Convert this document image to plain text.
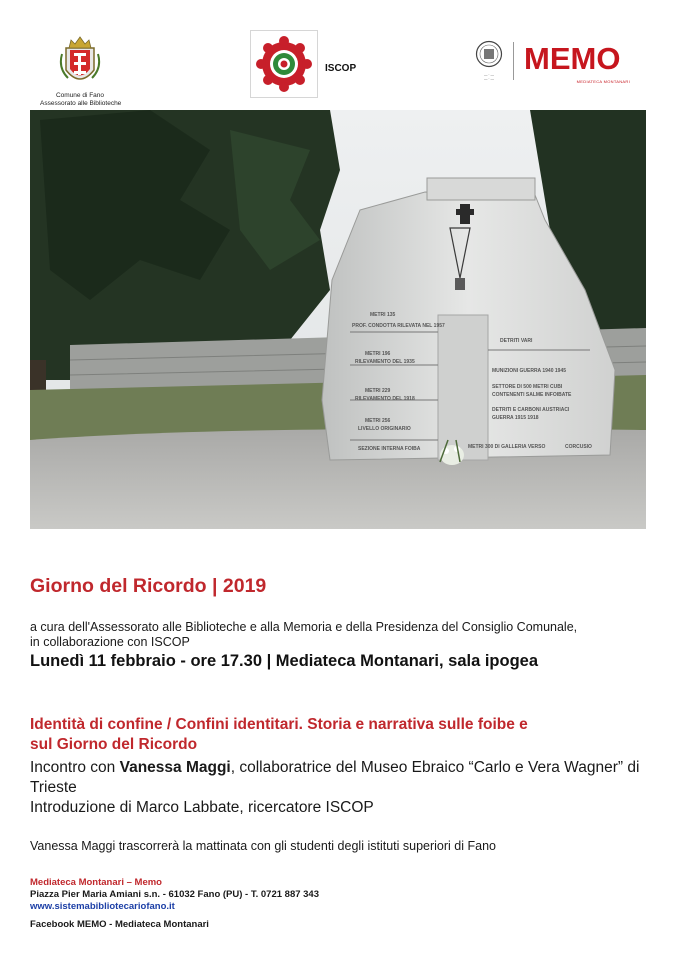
Comune di Fano
Assessorato alle Biblioteche
ISCOP
— · —
— · —
MEMO
MEDIATECA MONTANARI
METRI 135
PROF. CONDOTTA RILEVATA NEL 1957
METRI 196
RILEVAMENTO DEL 1935
METRI 229
RILEVAMENTO DEL 1918
METRI 256
LIVELLO ORIGINARIO
SEZIONE INTERNA FOIBA
DETRITI VARI
MUNIZIONI GUERRA 1940 1945
SETTORE DI 500 METRI CUBI
CONTENENTI SALME INFOIBATE
DETRITI E CARBONI AUSTRIACI
GUERRA 1915 1918
METRI 300 DI GALLERIA VERSO	CORCUSIO
Giorno del Ricordo | 2019
a cura dell'Assessorato alle Biblioteche e alla Memoria e della Presidenza del Consiglio Comunale,
in collaborazione con ISCOP
Lunedì 11 febbraio - ore 17.30 | Mediateca Montanari, sala ipogea
Identità di confine / Confini identitari. Storia e narrativa sulle foibe e
sul Giorno del Ricordo
Incontro con Vanessa Maggi, collaboratrice del Museo Ebraico “Carlo e Vera Wagner” di Trieste
Introduzione di Marco Labbate, ricercatore ISCOP
Vanessa Maggi trascorrerà la mattinata con gli studenti degli istituti superiori di Fano
Mediateca Montanari – Memo
Piazza Pier Maria Amiani s.n. - 61032 Fano (PU) - T. 0721 887 343
www.sistemabibliotecariofano.it
Facebook MEMO - Mediateca Montanari
